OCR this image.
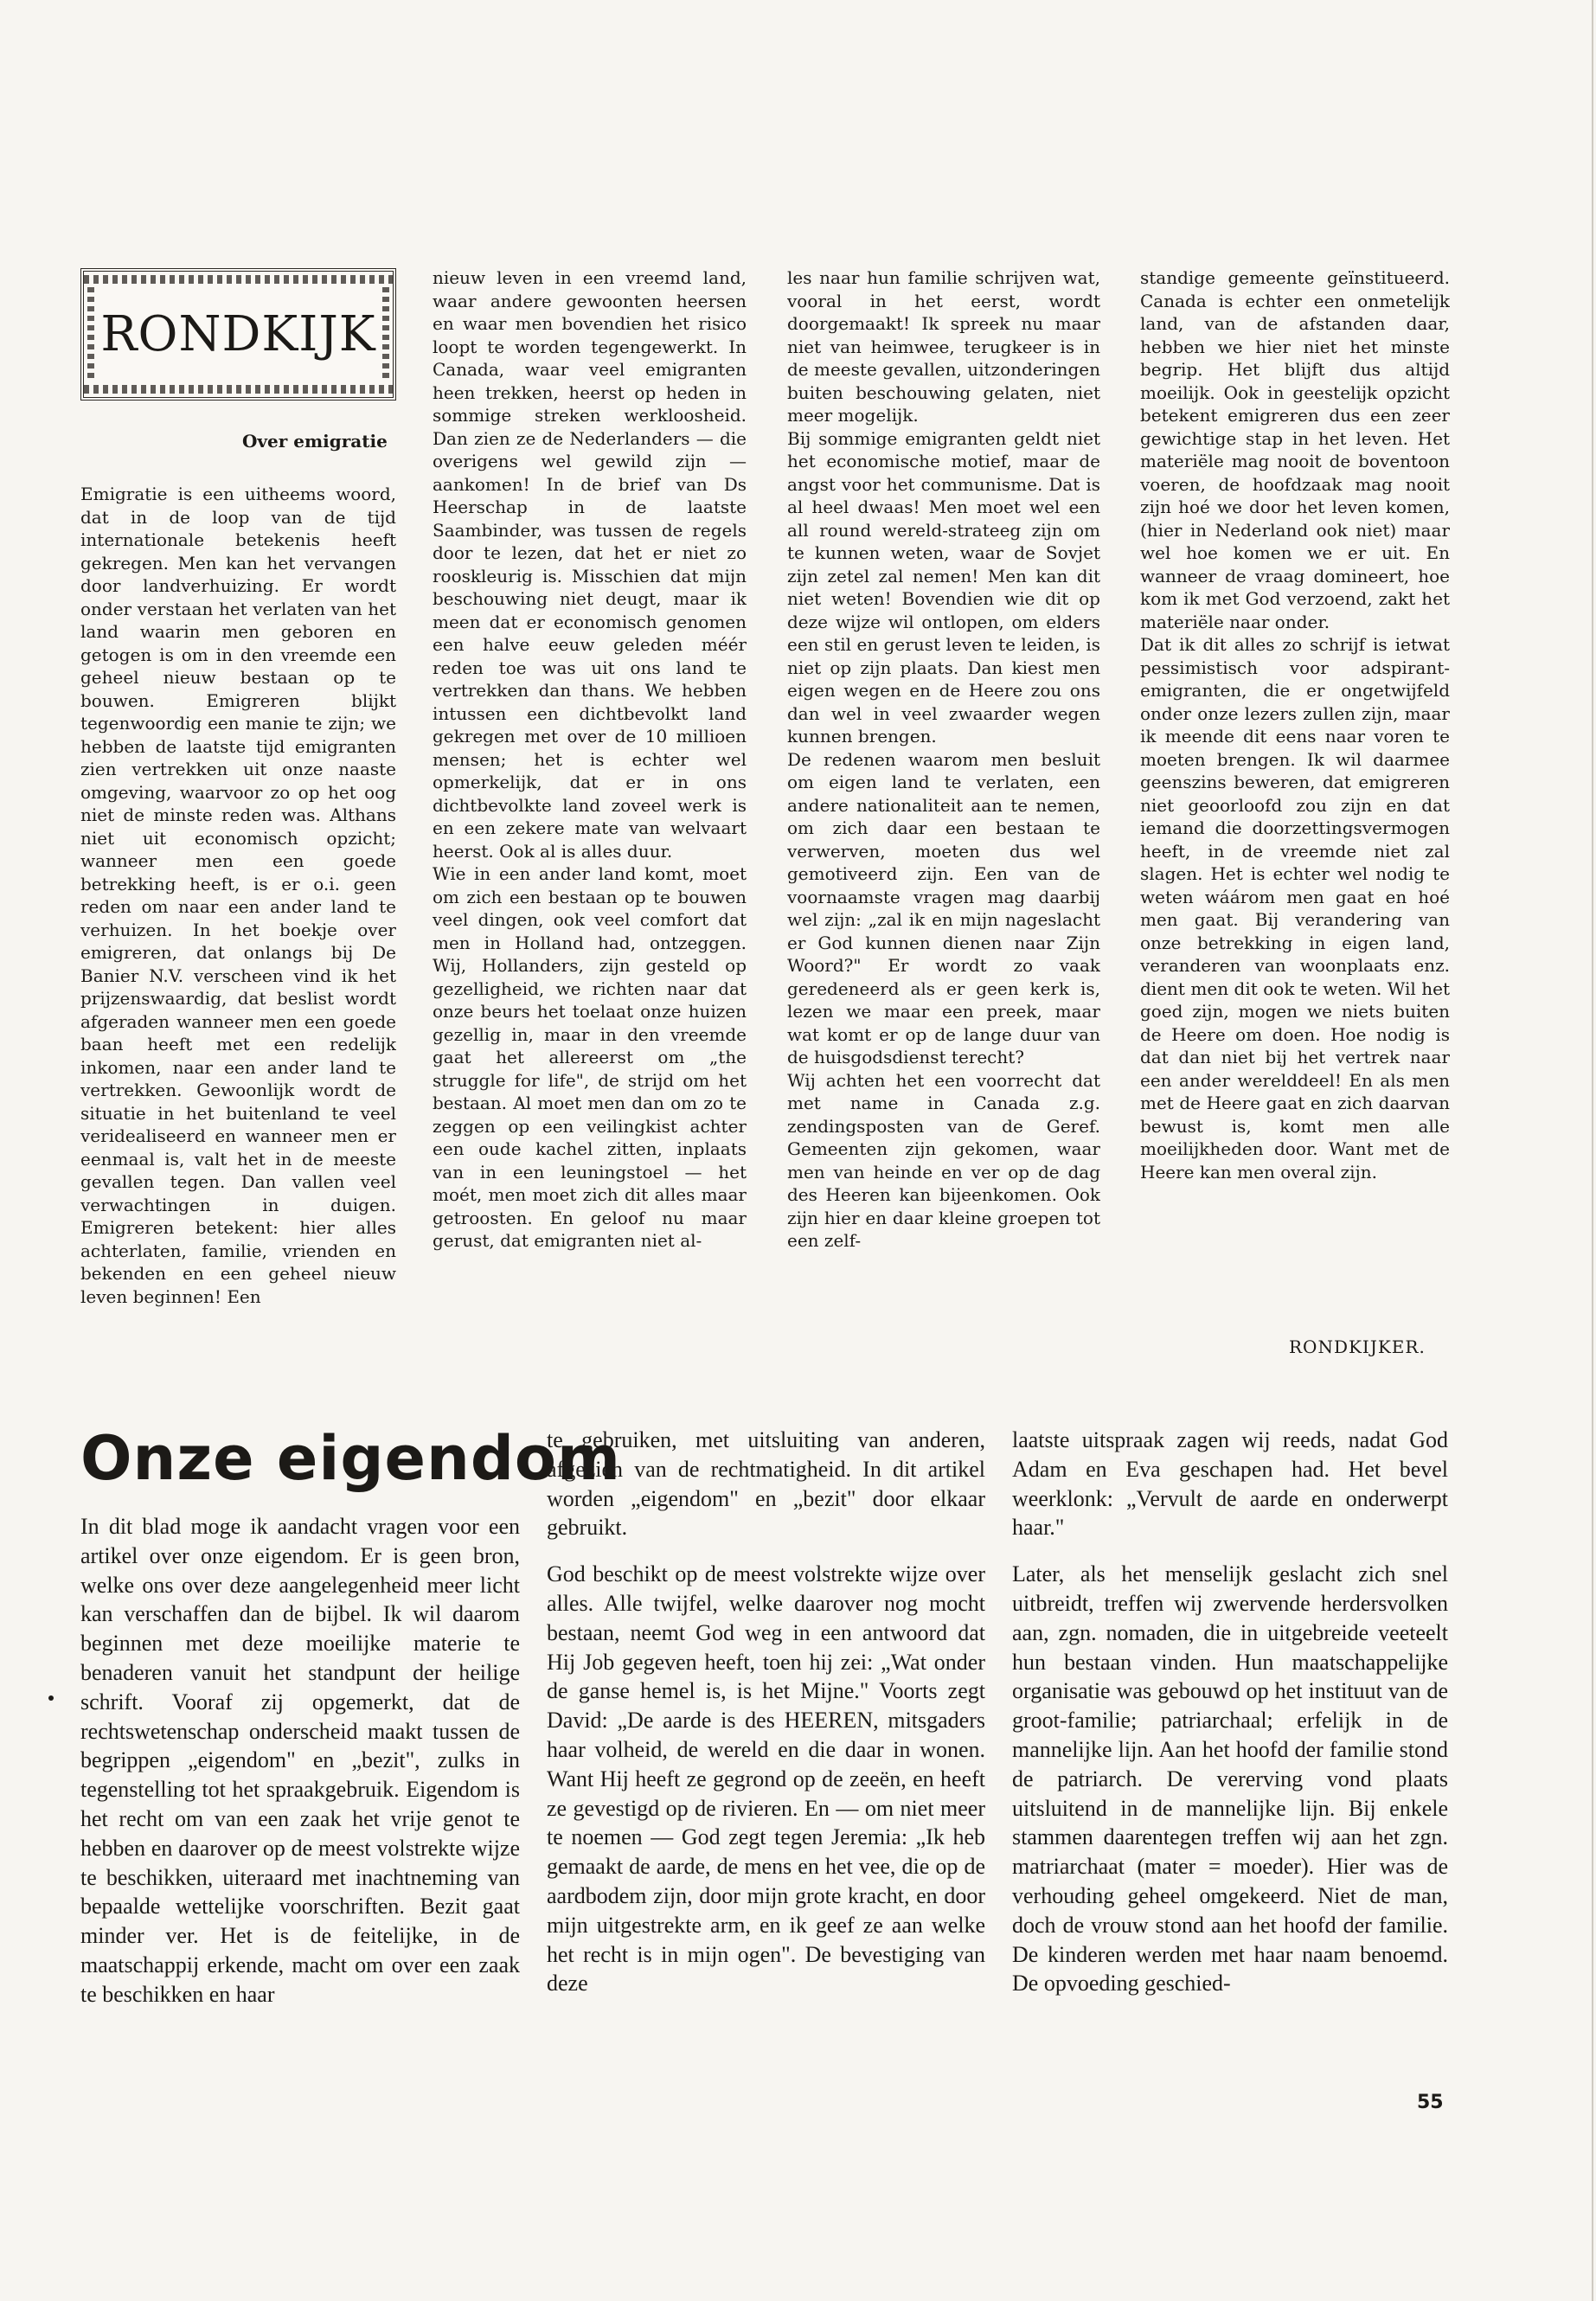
RONDKIJK
Over emigratie

Emigratie is een uitheems woord, dat in de loop van de tijd internationale betekenis heeft gekregen. Men kan het vervangen door landverhuizing. Er wordt onder verstaan het verlaten van het land waarin men geboren en getogen is om in den vreemde een geheel nieuw bestaan op te bouwen. Emigreren blijkt tegenwoordig een manie te zijn; we hebben de laatste tijd emigranten zien vertrekken uit onze naaste omgeving, waarvoor zo op het oog niet de minste reden was. Althans niet uit economisch opzicht; wanneer men een goede betrekking heeft, is er o.i. geen reden om naar een ander land te verhuizen. In het boekje over emigreren, dat onlangs bij De Banier N.V. verscheen vind ik het prijzenswaardig, dat beslist wordt afgeraden wanneer men een goede baan heeft met een redelijk inkomen, naar een ander land te vertrekken. Gewoonlijk wordt de situatie in het buitenland te veel veridealiseerd en wanneer men er eenmaal is, valt het in de meeste gevallen tegen. Dan vallen veel verwachtingen in duigen. Emigreren betekent: hier alles achterlaten, familie, vrienden en bekenden en een geheel nieuw leven beginnen! Een

nieuw leven in een vreemd land, waar andere gewoonten heersen en waar men bovendien het risico loopt te worden tegengewerkt. In Canada, waar veel emigranten heen trekken, heerst op heden in sommige streken werkloosheid. Dan zien ze de Nederlanders — die overigens wel gewild zijn — aankomen! In de brief van Ds Heerschap in de laatste Saambinder, was tussen de regels door te lezen, dat het er niet zo rooskleurig is. Misschien dat mijn beschouwing niet deugt, maar ik meen dat er economisch genomen een halve eeuw geleden méér reden toe was uit ons land te vertrekken dan thans. We hebben intussen een dichtbevolkt land gekregen met over de 10 millioen mensen; het is echter wel opmerkelijk, dat er in ons dichtbevolkte land zoveel werk is en een zekere mate van welvaart heerst. Ook al is alles duur.

Wie in een ander land komt, moet om zich een bestaan op te bouwen veel dingen, ook veel comfort dat men in Holland had, ontzeggen. Wij, Hollanders, zijn gesteld op gezelligheid, we richten naar dat onze beurs het toelaat onze huizen gezellig in, maar in den vreemde gaat het allereerst om „the struggle for life", de strijd om het bestaan. Al moet men dan om zo te zeggen op een veilingkist achter een oude kachel zitten, inplaats van in een leuningstoel — het moét, men moet zich dit alles maar getroosten. En geloof nu maar gerust, dat emigranten niet al-

les naar hun familie schrijven wat, vooral in het eerst, wordt doorgemaakt! Ik spreek nu maar niet van heimwee, terugkeer is in de meeste gevallen, uitzonderingen buiten beschouwing gelaten, niet meer mogelijk.

Bij sommige emigranten geldt niet het economische motief, maar de angst voor het communisme. Dat is al heel dwaas! Men moet wel een all round wereld-strateeg zijn om te kunnen weten, waar de Sovjet zijn zetel zal nemen! Men kan dit niet weten! Bovendien wie dit op deze wijze wil ontlopen, om elders een stil en gerust leven te leiden, is niet op zijn plaats. Dan kiest men eigen wegen en de Heere zou ons dan wel in veel zwaarder wegen kunnen brengen.

De redenen waarom men besluit om eigen land te verlaten, een andere nationaliteit aan te nemen, om zich daar een bestaan te verwerven, moeten dus wel gemotiveerd zijn. Een van de voornaamste vragen mag daarbij wel zijn: „zal ik en mijn nageslacht er God kunnen dienen naar Zijn Woord?" Er wordt zo vaak geredeneerd als er geen kerk is, lezen we maar een preek, maar wat komt er op de lange duur van de huisgodsdienst terecht?

Wij achten het een voorrecht dat met name in Canada z.g. zendingsposten van de Geref. Gemeenten zijn gekomen, waar men van heinde en ver op de dag des Heeren kan bijeenkomen. Ook zijn hier en daar kleine groepen tot een zelf-

standige gemeente geïnstitueerd. Canada is echter een onmetelijk land, van de afstanden daar, hebben we hier niet het minste begrip. Het blijft dus altijd moeilijk. Ook in geestelijk opzicht betekent emigreren dus een zeer gewichtige stap in het leven. Het materiële mag nooit de boventoon voeren, de hoofdzaak mag nooit zijn hoé we door het leven komen, (hier in Nederland ook niet) maar wel hoe komen we er uit. En wanneer de vraag domineert, hoe kom ik met God verzoend, zakt het materiële naar onder.

Dat ik dit alles zo schrijf is ietwat pessimistisch voor adspirant-emigranten, die er ongetwijfeld onder onze lezers zullen zijn, maar ik meende dit eens naar voren te moeten brengen. Ik wil daarmee geenszins beweren, dat emigreren niet geoorloofd zou zijn en dat iemand die doorzettingsvermogen heeft, in de vreemde niet zal slagen. Het is echter wel nodig te weten wáárom men gaat en hoé men gaat. Bij verandering van onze betrekking in eigen land, veranderen van woonplaats enz. dient men dit ook te weten. Wil het goed zijn, mogen we niets buiten de Heere om doen. Hoe nodig is dat dan niet bij het vertrek naar een ander werelddeel! En als men met de Heere gaat en zich daarvan bewust is, komt men alle moeilijkheden door. Want met de Heere kan men overal zijn.

RONDKIJKER.
Onze eigendom

In dit blad moge ik aandacht vragen voor een artikel over onze eigendom. Er is geen bron, welke ons over deze aangelegenheid meer licht kan verschaffen dan de bijbel. Ik wil daarom beginnen met deze moeilijke materie te benaderen vanuit het standpunt der heilige schrift. Vooraf zij opgemerkt, dat de rechtswetenschap onderscheid maakt tussen de begrippen „eigendom" en „bezit", zulks in tegenstelling tot het spraakgebruik. Eigendom is het recht om van een zaak het vrije genot te hebben en daarover op de meest volstrekte wijze te beschikken, uiteraard met inachtneming van bepaalde wettelijke voorschriften. Bezit gaat minder ver. Het is de feitelijke, in de maatschappij erkende, macht om over een zaak te beschikken en haar

te gebruiken, met uitsluiting van anderen, afgezien van de rechtmatigheid. In dit artikel worden „eigendom" en „bezit" door elkaar gebruikt.

God beschikt op de meest volstrekte wijze over alles. Alle twijfel, welke daarover nog mocht bestaan, neemt God weg in een antwoord dat Hij Job gegeven heeft, toen hij zei: „Wat onder de ganse hemel is, is het Mijne." Voorts zegt David: „De aarde is des HEEREN, mitsgaders haar volheid, de wereld en die daar in wonen. Want Hij heeft ze gegrond op de zeeën, en heeft ze gevestigd op de rivieren. En — om niet meer te noemen — God zegt tegen Jeremia: „Ik heb gemaakt de aarde, de mens en het vee, die op de aardbodem zijn, door mijn grote kracht, en door mijn uitgestrekte arm, en ik geef ze aan welke het recht is in mijn ogen". De bevestiging van deze

laatste uitspraak zagen wij reeds, nadat God Adam en Eva geschapen had. Het bevel weerklonk: „Vervult de aarde en onderwerpt haar."

Later, als het menselijk geslacht zich snel uitbreidt, treffen wij zwervende herdersvolken aan, zgn. nomaden, die in uitgebreide veeteelt hun bestaan vinden. Hun maatschappelijke organisatie was gebouwd op het instituut van de groot-familie; patriarchaal; erfelijk in de mannelijke lijn. Aan het hoofd der familie stond de patriarch. De vererving vond plaats uitsluitend in de mannelijke lijn. Bij enkele stammen daarentegen treffen wij aan het zgn. matriarchaat (mater = moeder). Hier was de verhouding geheel omgekeerd. Niet de man, doch de vrouw stond aan het hoofd der familie. De kinderen werden met haar naam benoemd. De opvoeding geschied-

55
